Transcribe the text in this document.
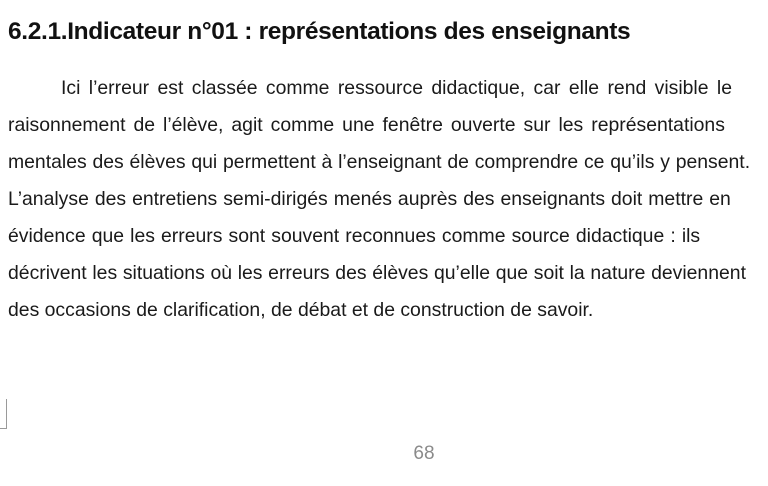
6.2.1.Indicateur n°01 : représentations des enseignants
Ici l’erreur est classée comme ressource didactique, car elle rend visible le
raisonnement de l’élève, agit comme une fenêtre ouverte sur les représentations
mentales des élèves qui permettent à l’enseignant de comprendre ce qu’ils y pensent.
L’analyse des entretiens semi-dirigés menés auprès des enseignants doit mettre en
évidence que les erreurs sont souvent reconnues comme source didactique : ils
décrivent les situations où les erreurs des élèves qu’elle que soit la nature deviennent
des occasions de clarification, de débat et de construction de savoir.
68
